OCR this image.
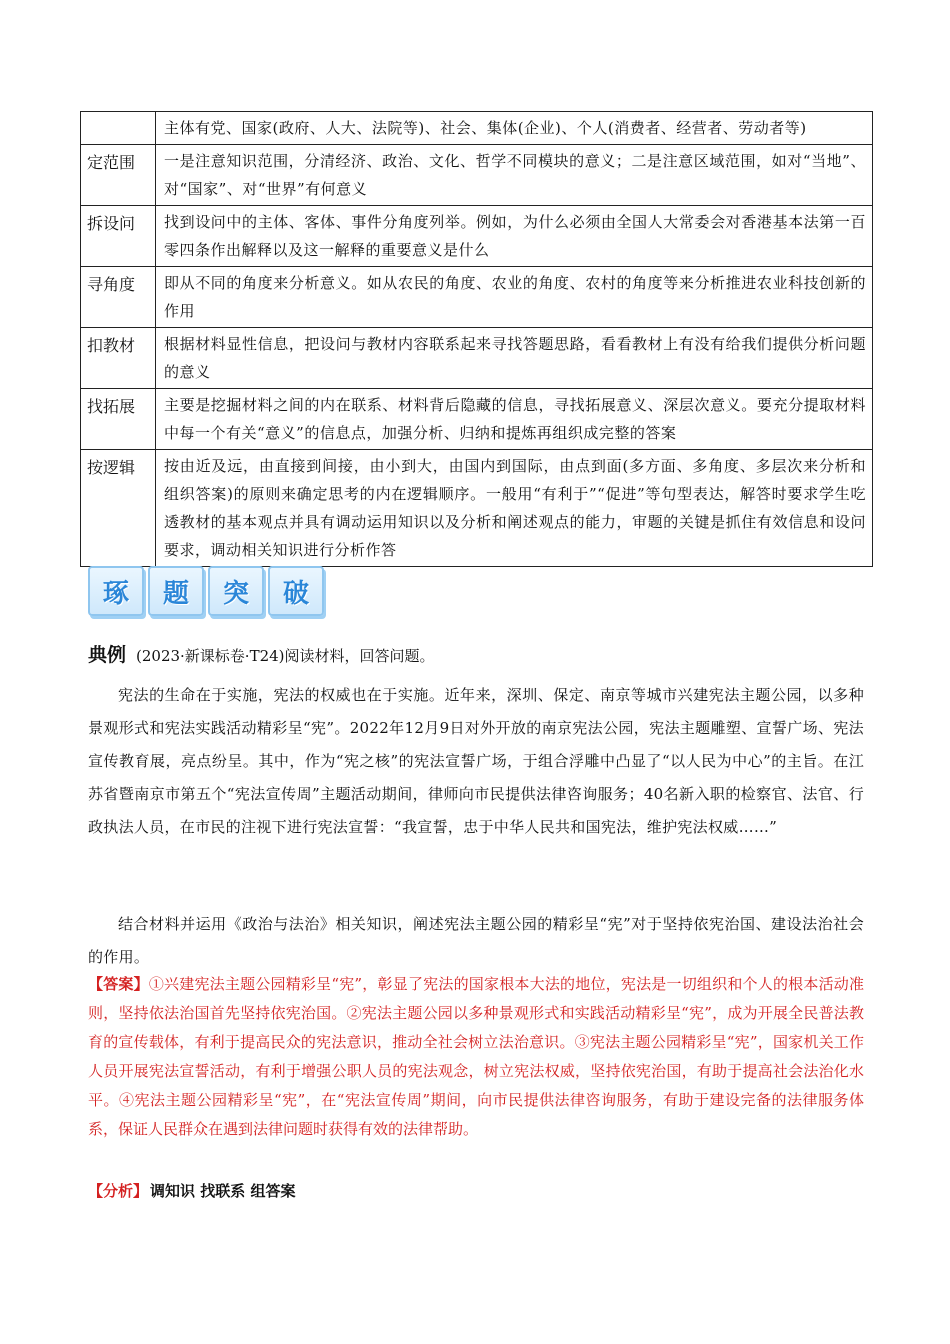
	主体有党、国家(政府、人大、法院等)、社会、集体(企业)、个人(消费者、经营者、劳动者等)
定范围	一是注意知识范围，分清经济、政治、文化、哲学不同模块的意义；二是注意区域范围，如对“当地”、对“国家”、对“世界”有何意义
拆设问	找到设问中的主体、客体、事件分角度列举。例如，为什么必须由全国人大常委会对香港基本法第一百零四条作出解释以及这一解释的重要意义是什么
寻角度	即从不同的角度来分析意义。如从农民的角度、农业的角度、农村的角度等来分析推进农业科技创新的作用
扣教材	根据材料显性信息，把设问与教材内容联系起来寻找答题思路，看看教材上有没有给我们提供分析问题的意义
找拓展	主要是挖掘材料之间的内在联系、材料背后隐藏的信息，寻找拓展意义、深层次意义。要充分提取材料中每一个有关“意义”的信息点，加强分析、归纳和提炼再组织成完整的答案
按逻辑	按由近及远，由直接到间接，由小到大，由国内到国际，由点到面(多方面、多角度、多层次来分析和组织答案)的原则来确定思考的内在逻辑顺序。一般用“有利于”“促进”等句型表达，解答时要求学生吃透教材的基本观点并具有调动运用知识以及分析和阐述观点的能力，审题的关键是抓住有效信息和设问要求，调动相关知识进行分析作答
琢	题	突	破
典例 (2023·新课标卷·T24)阅读材料，回答问题。
宪法的生命在于实施，宪法的权威也在于实施。近年来，深圳、保定、南京等城市兴建宪法主题公园，以多种景观形式和宪法实践活动精彩呈“宪”。2022年12月9日对外开放的南京宪法公园，宪法主题雕塑、宣誓广场、宪法宣传教育展，亮点纷呈。其中，作为“宪之核”的宪法宣誓广场，于组合浮雕中凸显了“以人民为中心”的主旨。在江苏省暨南京市第五个“宪法宣传周”主题活动期间，律师向市民提供法律咨询服务；40名新入职的检察官、法官、行政执法人员，在市民的注视下进行宪法宣誓：“我宣誓，忠于中华人民共和国宪法，维护宪法权威……”
结合材料并运用《政治与法治》相关知识，阐述宪法主题公园的精彩呈“宪”对于坚持依宪治国、建设法治社会的作用。
【答案】①兴建宪法主题公园精彩呈“宪”，彰显了宪法的国家根本大法的地位，宪法是一切组织和个人的根本活动准则，坚持依法治国首先坚持依宪治国。②宪法主题公园以多种景观形式和实践活动精彩呈“宪”，成为开展全民普法教育的宣传载体，有利于提高民众的宪法意识，推动全社会树立法治意识。③宪法主题公园精彩呈“宪”，国家机关工作人员开展宪法宣誓活动，有利于增强公职人员的宪法观念，树立宪法权威，坚持依宪治国，有助于提高社会法治化水平。④宪法主题公园精彩呈“宪”，在“宪法宣传周”期间，向市民提供法律咨询服务，有助于建设完备的法律服务体系，保证人民群众在遇到法律问题时获得有效的法律帮助。
【分析】 调知识 找联系 组答案
